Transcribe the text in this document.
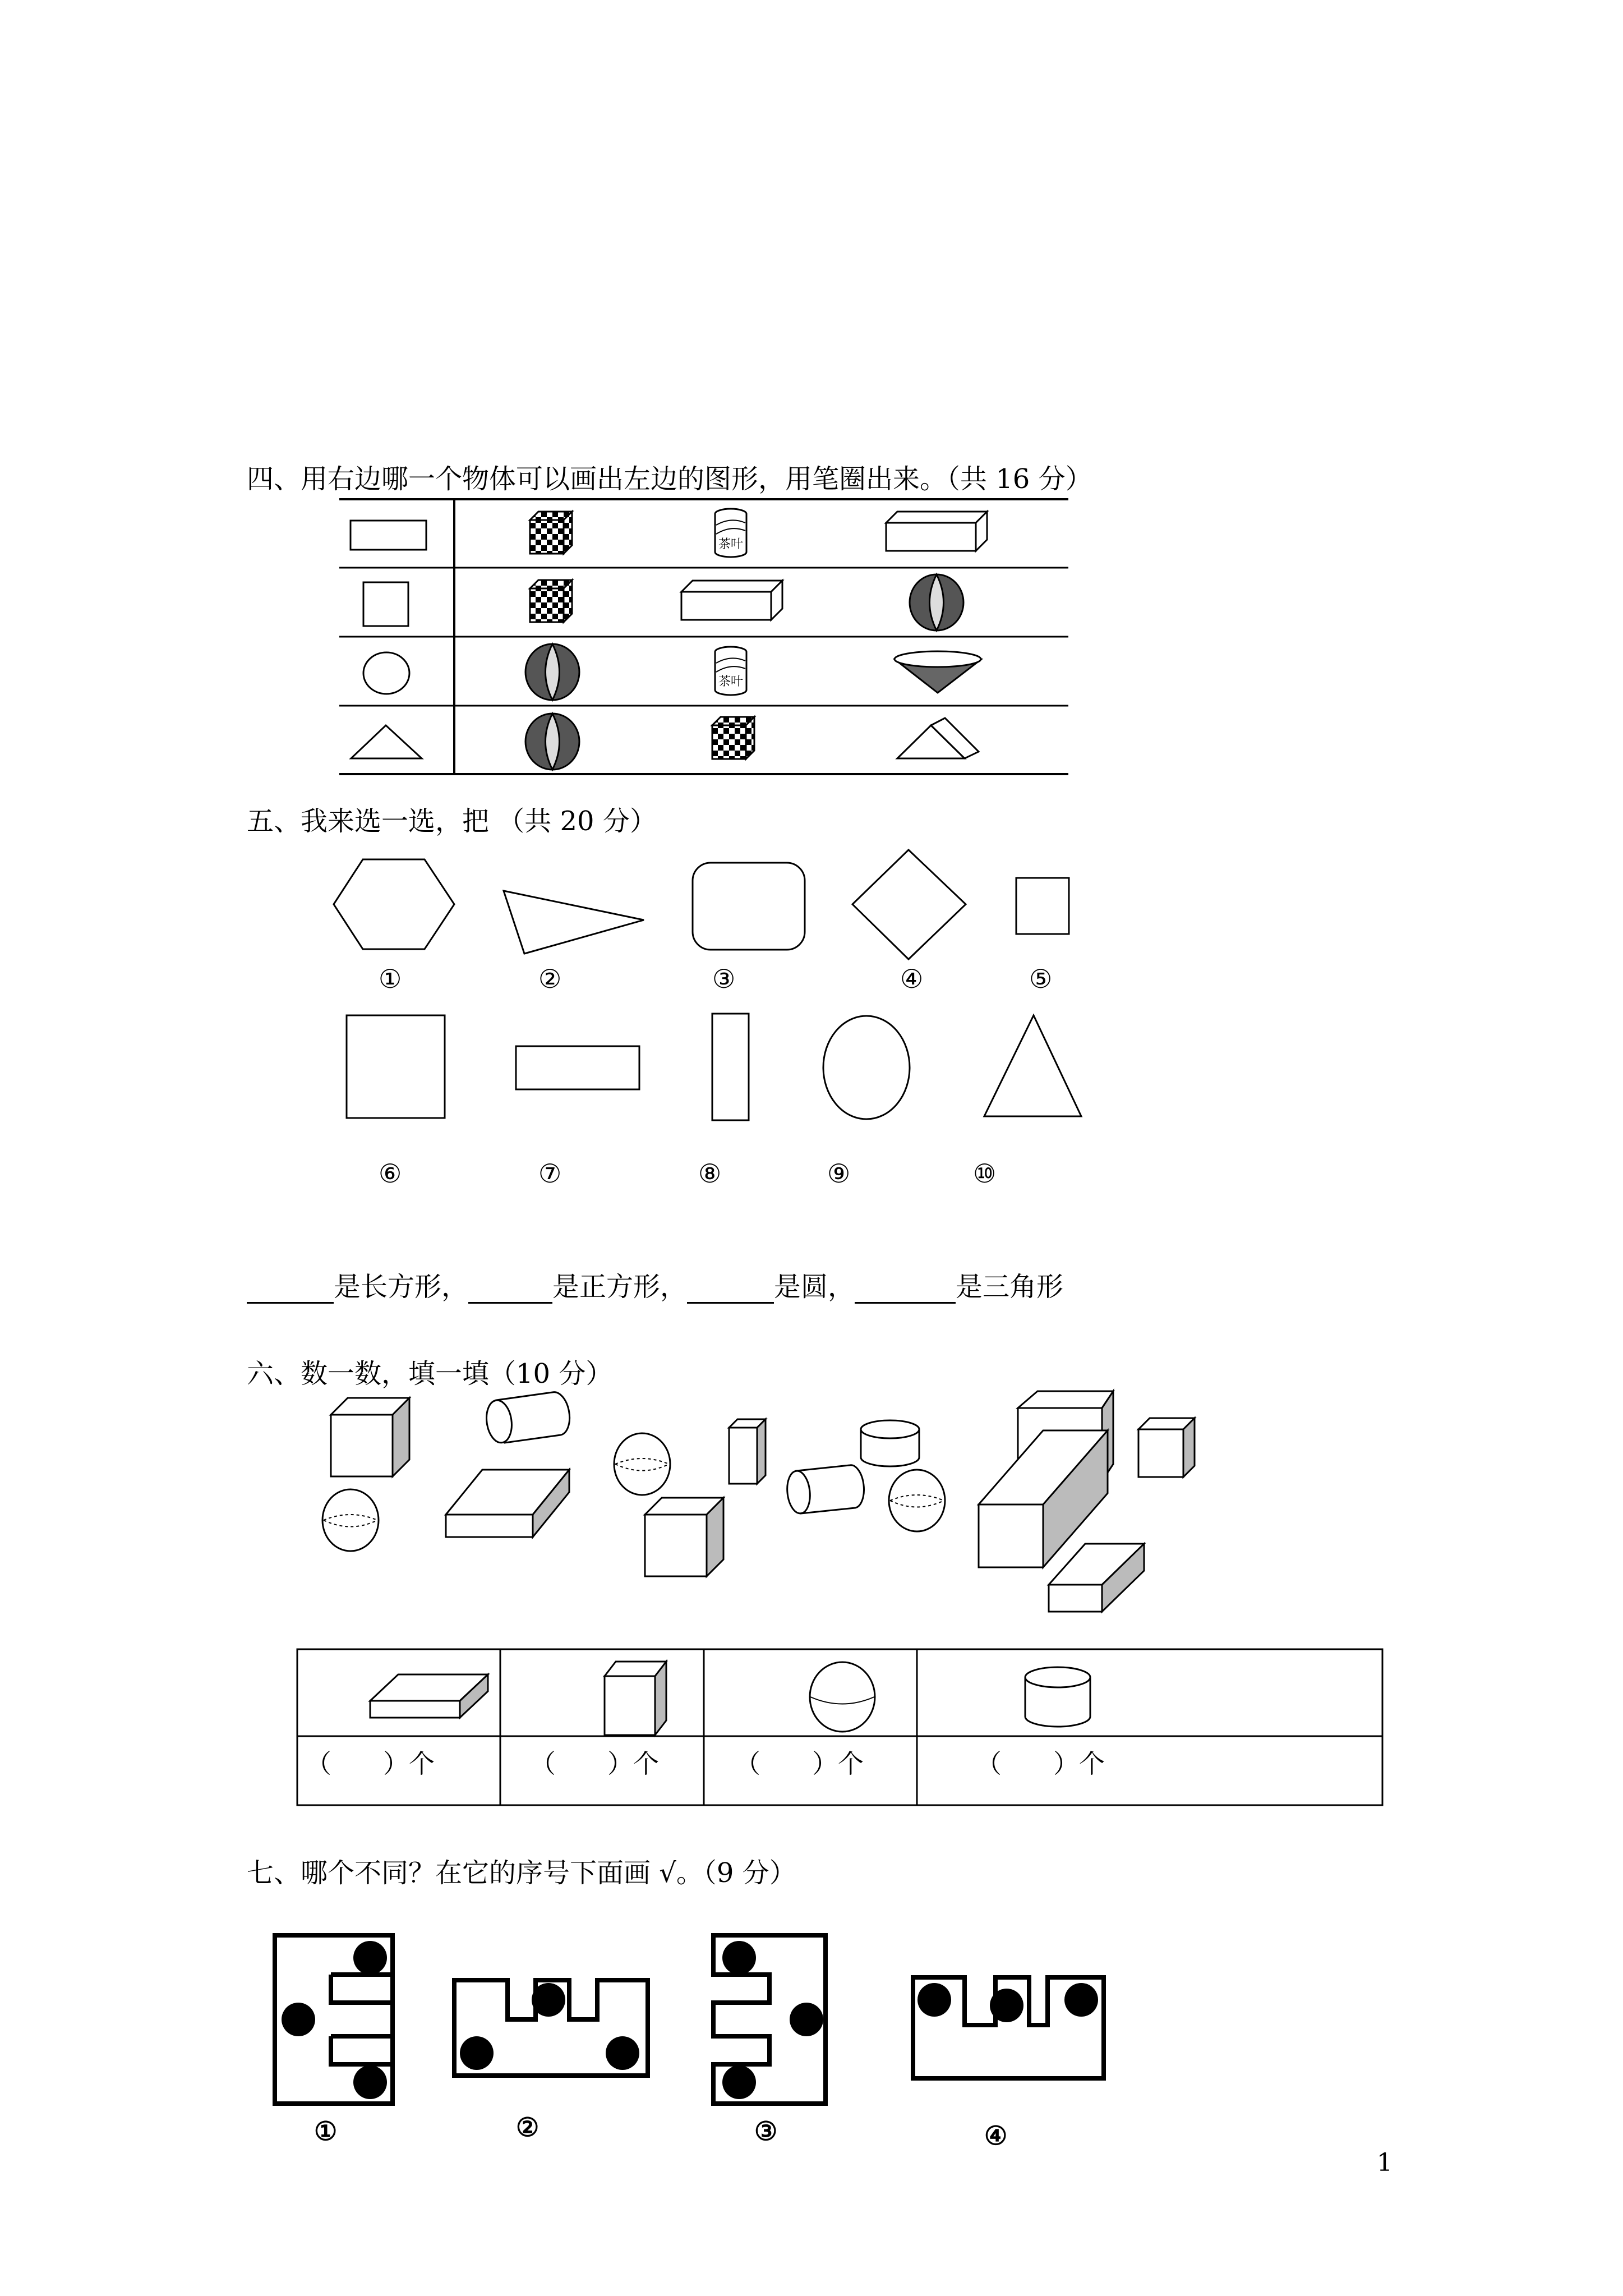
四、用右边哪一个物体可以画出左边的图形，用笔圈出来。（共 16 分）
茶叶
茶叶
五、我来选一选，把 （共 20 分）
①	②	③	④	⑤
⑥	⑦	⑧	⑨	⑩
是长方形，	是正方形，	是圆，	是三角形
六、数一数，填一填（10 分）
（　　）个	（　　）个	（　　）个	（　　）个
七、哪个不同？在它的序号下面画 √。（9 分）
①	②	③	④
1
